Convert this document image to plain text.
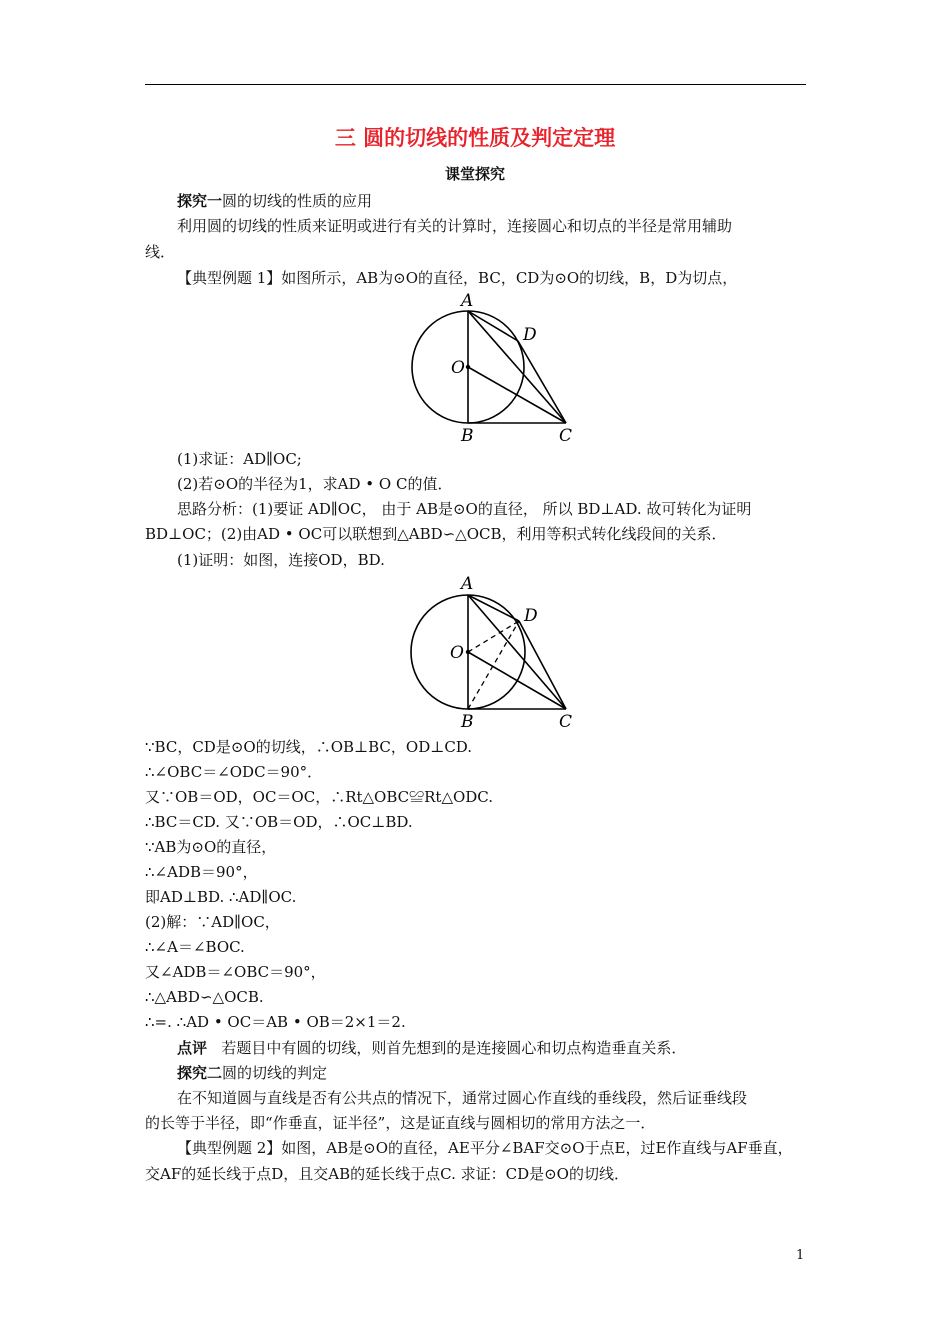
三 圆的切线的性质及判定定理
课堂探究
探究一圆的切线的性质的应用
利用圆的切线的性质来证明或进行有关的计算时，连接圆心和切点的半径是常用辅助
线．
【典型例题 1】如图所示，AB为⊙O的直径，BC，CD为⊙O的切线，B，D为切点，
A
D
O
B	C
(1)求证：AD∥OC;
(2)若⊙O的半径为1，求AD • O C的值．
思路分析：(1)要证 AD∥OC， 由于 AB是⊙O的直径， 所以 BD⊥AD. 故可转化为证明
BD⊥OC；(2)由AD • OC可以联想到△ABD∽△OCB，利用等积式转化线段间的关系．
(1)证明：如图，连接OD，BD.
A
D
O
B	C
∵BC，CD是⊙O的切线，∴OB⊥BC，OD⊥CD.
∴∠OBC＝∠ODC＝90°．
又∵OB＝OD，OC＝OC，∴Rt△OBC≌Rt△ODC.
∴BC＝CD. 又∵OB＝OD，∴OC⊥BD.
∵AB为⊙O的直径，
∴∠ADB＝90°，
即AD⊥BD. ∴AD∥OC.
(2)解：∵AD∥OC，
∴∠A＝∠BOC.
又∠ADB＝∠OBC＝90°，
∴△ABD∽△OCB.
∴=. ∴AD • OC＝AB • OB＝2×1＝2.
点评 若题目中有圆的切线，则首先想到的是连接圆心和切点构造垂直关系．
探究二圆的切线的判定
在不知道圆与直线是否有公共点的情况下，通常过圆心作直线的垂线段，然后证垂线段
的长等于半径，即“作垂直，证半径”，这是证直线与圆相切的常用方法之一．
【典型例题 2】如图，AB是⊙O的直径，AE平分∠BAF交⊙O于点E，过E作直线与AF垂直，
交AF的延长线于点D，且交AB的延长线于点C. 求证：CD是⊙O的切线．
1
